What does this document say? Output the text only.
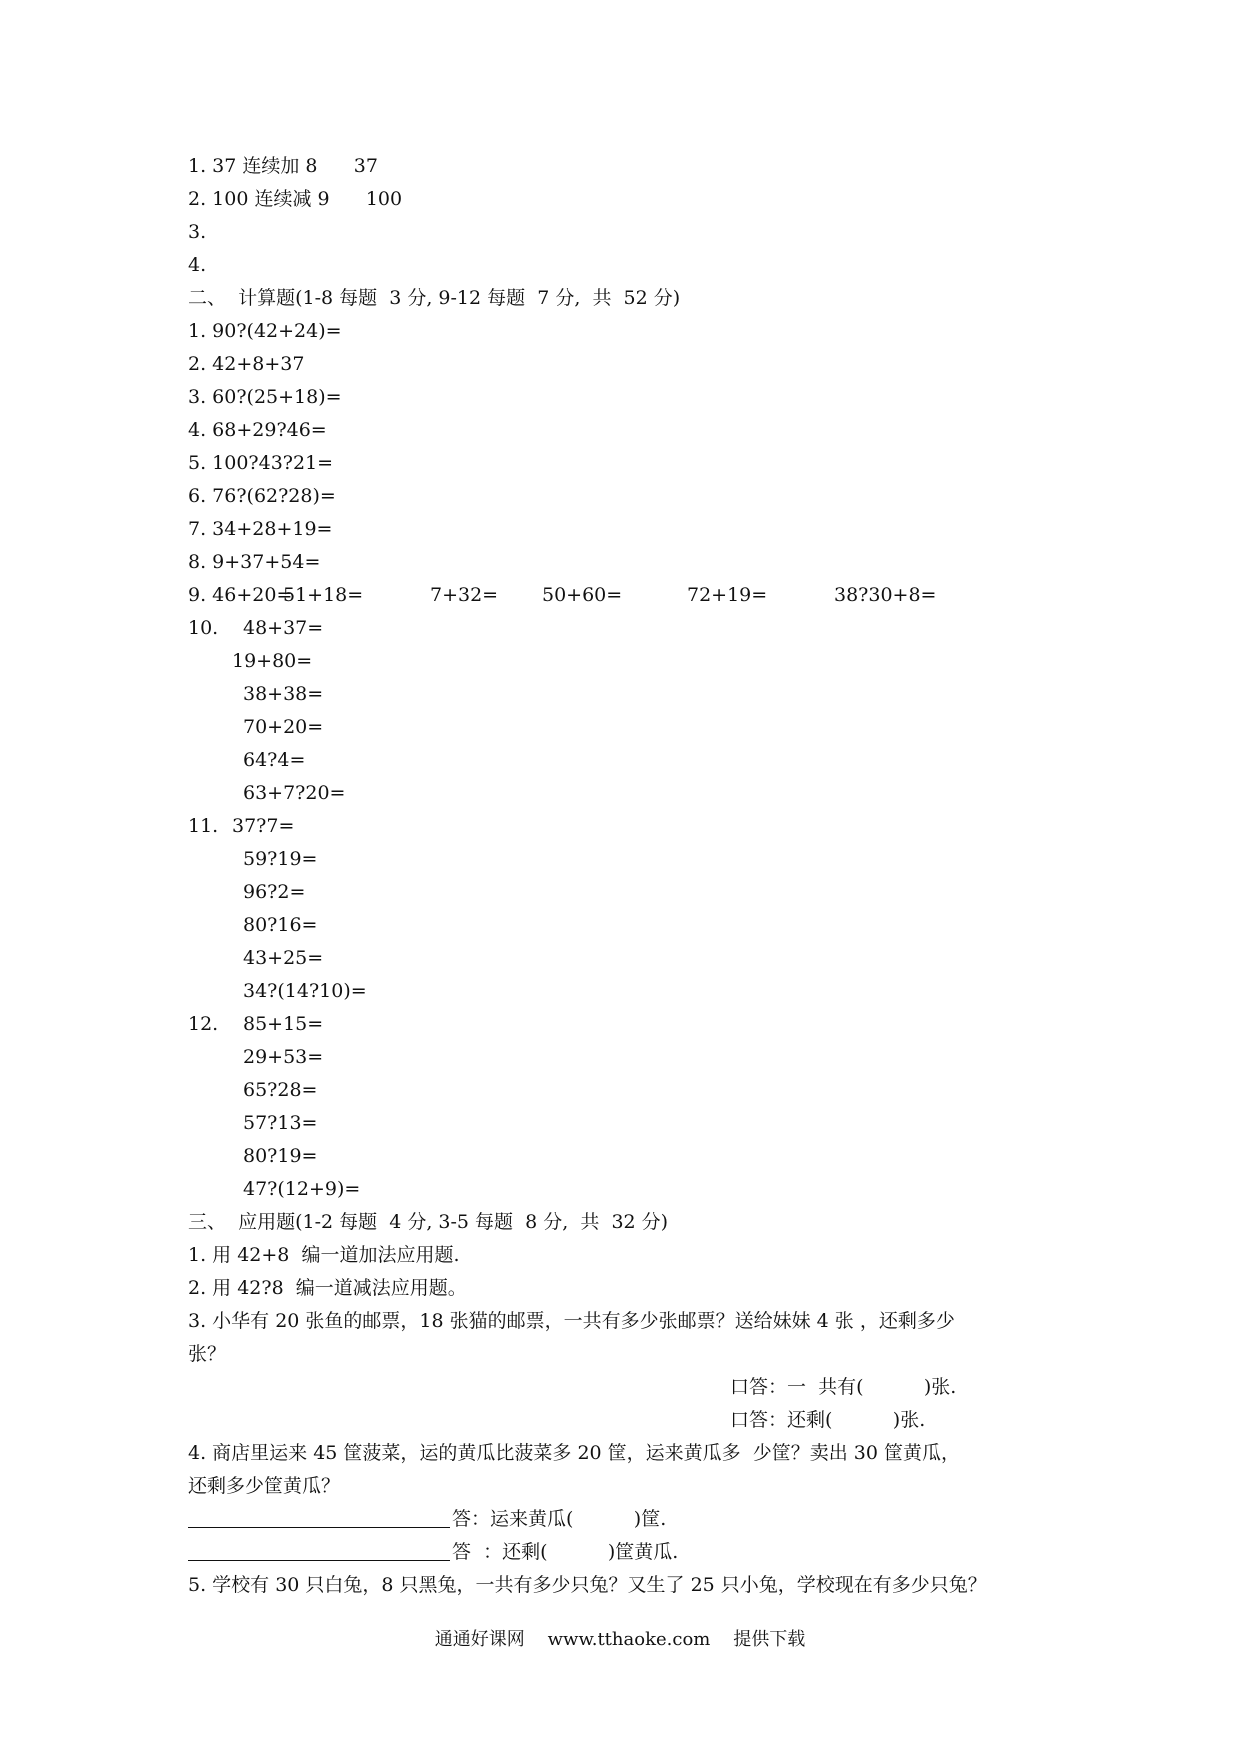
1. 37 连续加 8      37
2. 100 连续减 9      100
3.
4.
二、  计算题(1-8 每题  3 分, 9-12 每题  7 分,  共  52 分)
1. 90?(42+24)=
2. 42+8+37
3. 60?(25+18)=
4. 68+29?46=
5. 100?43?21=
6. 76?(62?28)=
7. 34+28+19=
8. 9+37+54=
9. 46+20=
51+18=	7+32= 50+60=	72+19=	38?30+8=
10. 48+37=
19+80=
38+38=
70+20=
64?4=
63+7?20=
11. 37?7=
59?19=
96?2=
80?16=
43+25=
34?(14?10)=
12. 85+15=
29+53=
65?28=
57?13=
80?19=
47?(12+9)=
三、  应用题(1-2 每题  4 分, 3-5 每题  8 分,  共  32 分)
1. 用 42+8  编一道加法应用题.
2. 用 42?8  编一道减法应用题。
3. 小华有 20 张鱼的邮票，18 张猫的邮票，一共有多少张邮票？送给妹妹 4 张 ，还剩多少
张？
口答：一  共有(          )张.
口答：还剩(          )张.
4. 商店里运来 45 筐菠菜，运的黄瓜比菠菜多 20 筐，运来黄瓜多  少筐？卖出 30 筐黄瓜，
还剩多少筐黄瓜？
答：运来黄瓜(          )筐.
答  ：还剩(          )筐黄瓜.
5. 学校有 30 只白兔，8 只黑兔，一共有多少只兔？又生了 25 只小兔，学校现在有多少只兔？
通通好课网 www.tthaoke.com 提供下载
